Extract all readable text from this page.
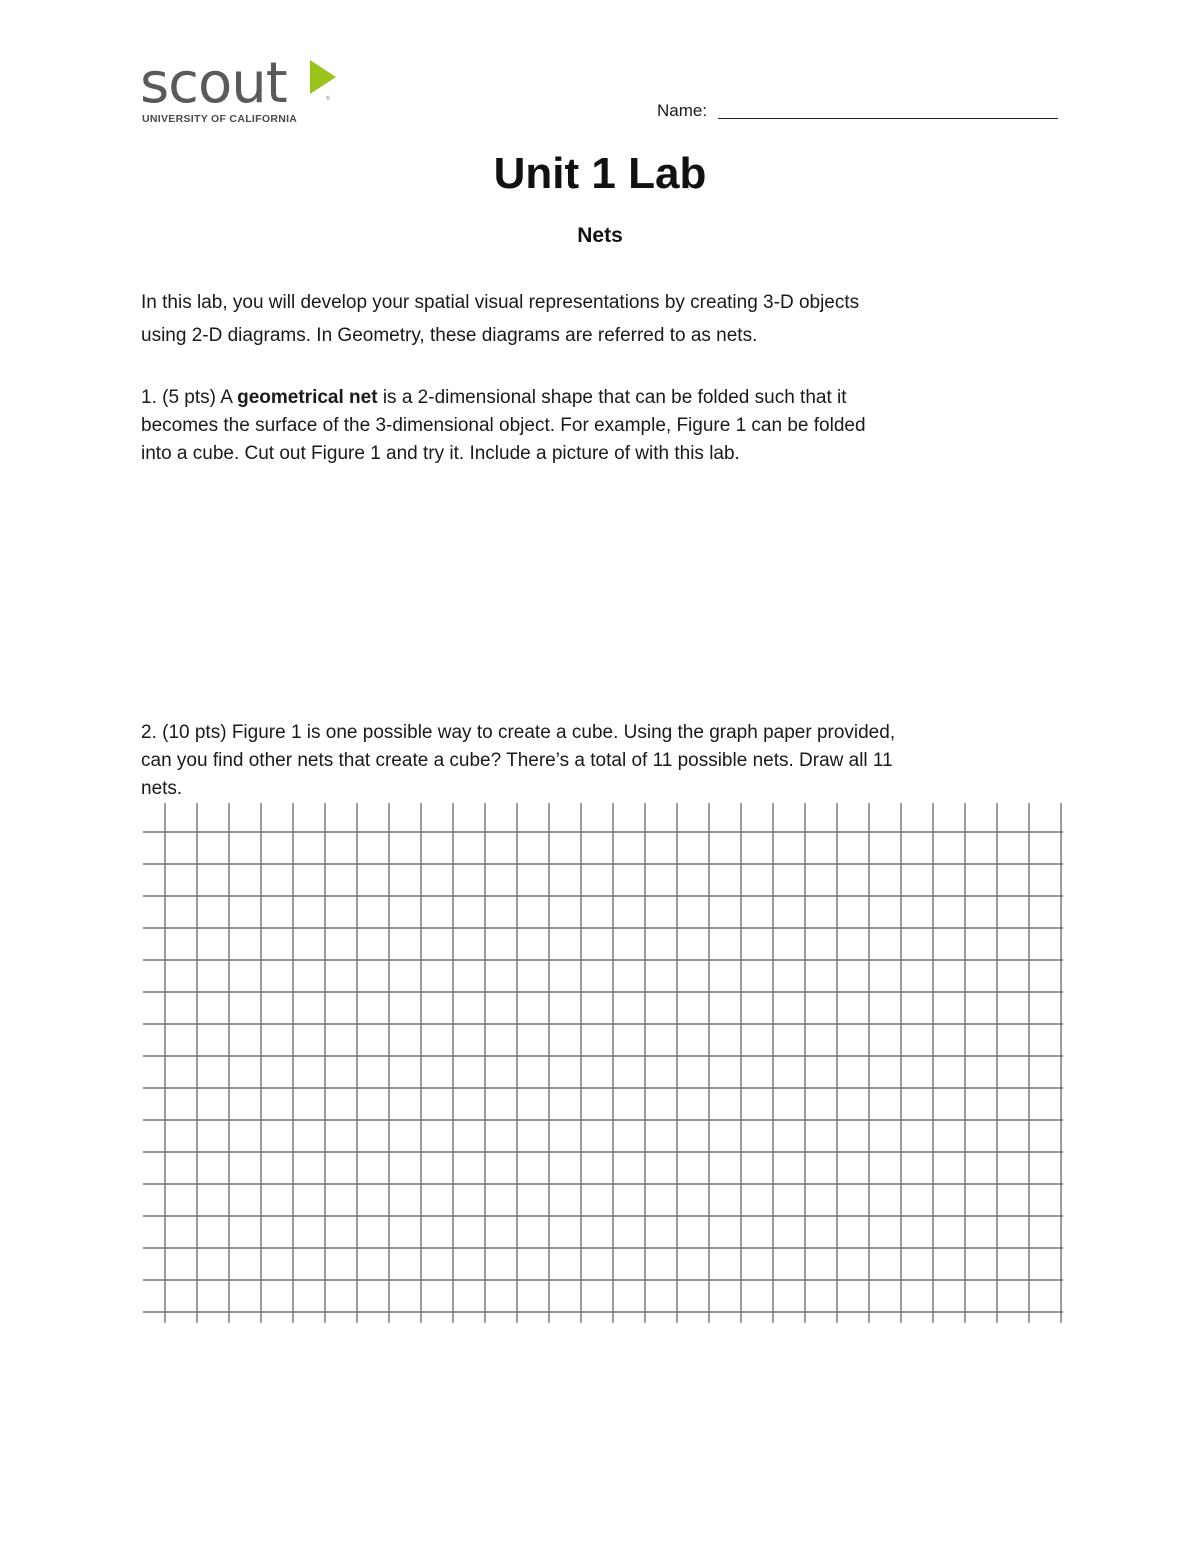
scout	®
UNIVERSITY OF CALIFORNIA	Name:
Unit 1 Lab
Nets
In this lab, you will develop your spatial visual representations by creating 3-D objects
using 2-D diagrams. In Geometry, these diagrams are referred to as nets.
1. (5 pts) A geometrical net is a 2-dimensional shape that can be folded such that it
becomes the surface of the 3-dimensional object. For example, Figure 1 can be folded
into a cube. Cut out Figure 1 and try it. Include a picture of with this lab.
2. (10 pts) Figure 1 is one possible way to create a cube. Using the graph paper provided,
can you find other nets that create a cube? There’s a total of 11 possible nets. Draw all 11
nets.
